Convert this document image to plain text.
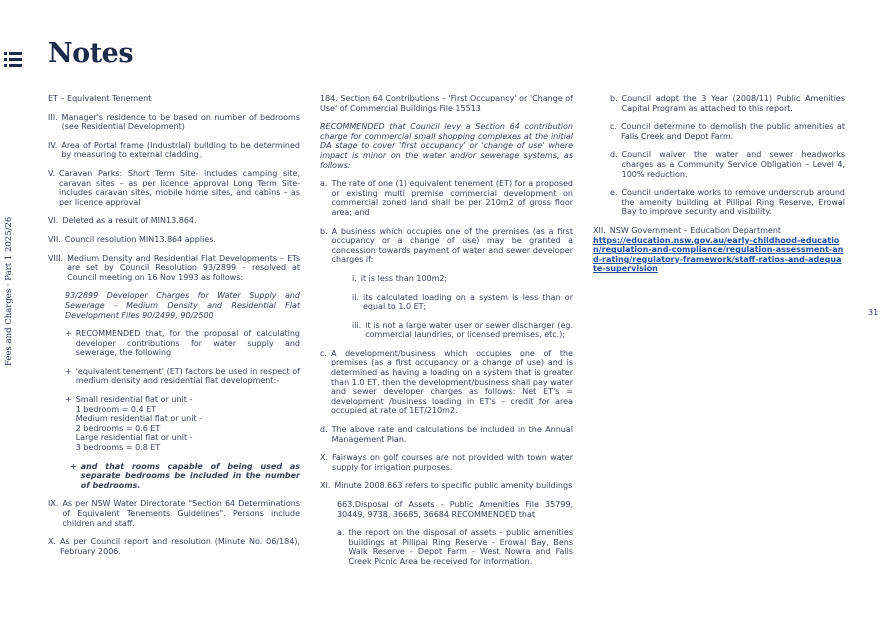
Notes
Fees and Charges · Part 1 2025/26	31
ET – Equivalent Tenement
III. Manager's residence to be based on number of bedrooms (see Residential Development)
IV. Area of Portal frame (Industrial) building to be determined by measuring to external cladding.
V. Caravan Parks: Short Term Site- includes camping site, caravan sites – as per licence approval Long Term Site- includes caravan sites, mobile home sites, and cabins – as per licence approval
VI. Deleted as a result of MIN13.864.
VII. Council resolution MIN13.864 applies.
VIII. Medium Density and Residential Flat Developments – ETs are set by Council Resolution 93/2899 – resolved at Council meeting on 16 Nov 1993 as follows:
93/2899 Developer Charges for Water Supply and Sewerage - Medium Density and Residential Flat Development Files 90/2499, 90/2500
+ RECOMMENDED that, for the proposal of calculating developer contributions for water supply and sewerage, the following
+ 'equivalent tenement' (ET) factors be used in respect of medium density and residential flat development:-
+ Small residential flat or unit -
1 bedroom = 0.4 ET
Medium residential flat or unit -
2 bedrooms = 0.6 ET
Large residential flat or unit -
3 bedrooms = 0.8 ET
+ and that rooms capable of being used as separate bedrooms be included in the number of bedrooms.
IX. As per NSW Water Directorate "Section 64 Determinations of Equivalent Tenements Guidelines". Persons include children and staff.
X. As per Council report and resolution (Minute No. 06/184), February 2006.
184. Section 64 Contributions – 'First Occupancy' or 'Change of Use' of Commercial Buildings File 15513
RECOMMENDED that Council levy a Section 64 contribution charge for commercial small shopping complexes at the initial DA stage to cover 'first occupancy' or 'change of use' where impact is minor on the water and/or sewerage systems, as follows:
a. The rate of one (1) equivalent tenement (ET) for a proposed or existing multi premise commercial development on commercial zoned land shall be per 210m2 of gross floor area; and
b. A business which occupies one of the premises (as a first occupancy or a change of use) may be granted a concession towards payment of water and sewer developer charges if:
i. it is less than 100m2;
ii. its calculated loading on a system is less than or equal to 1.0 ET;
iii. it is not a large water user or sewer discharger (eg. commercial laundries, or licensed premises, etc.);
c. A development/business which occupies one of the premises (as a first occupancy or a change of use) and is determined as having a loading on a system that is greater than 1.0 ET, then the development/business shall pay water and sewer developer charges as follows: Net ET's = development /business loading in ET's – credit for area occupied at rate of 1ET/210m2.
d. The above rate and calculations be included in the Annual Management Plan.
X. Fairways on golf courses are not provided with town water supply for irrigation purposes.
XI. Minute 2008.663 refers to specific public amenity buildings
663.Disposal of Assets - Public Amenities File 35799, 30449, 9738, 36685, 36684 RECOMMENDED that
a. the report on the disposal of assets - public amenities buildings at Pillipai Ring Reserve - Erowal Bay, Bens Walk Reserve - Depot Farm - West Nowra and Falls Creek Picnic Area be received for information.
b. Council adopt the 3 Year (2008/11) Public Amenities Capital Program as attached to this report.
c. Council determine to demolish the public amenities at Falls Creek and Depot Farm.
d. Council waiver the water and sewer headworks charges as a Community Service Obligation – Level 4, 100% reduction.
e. Council undertake works to remove underscrub around the amenity building at Pillipai Ring Reserve, Erowal Bay to improve security and visibility.
XII. NSW Government – Education Department
https://education.nsw.gov.au/early-childhood-education/regulation-and-compliance/regulation-assessment-and-rating/regulatory-framework/staff-ratios-and-adequate-supervision
